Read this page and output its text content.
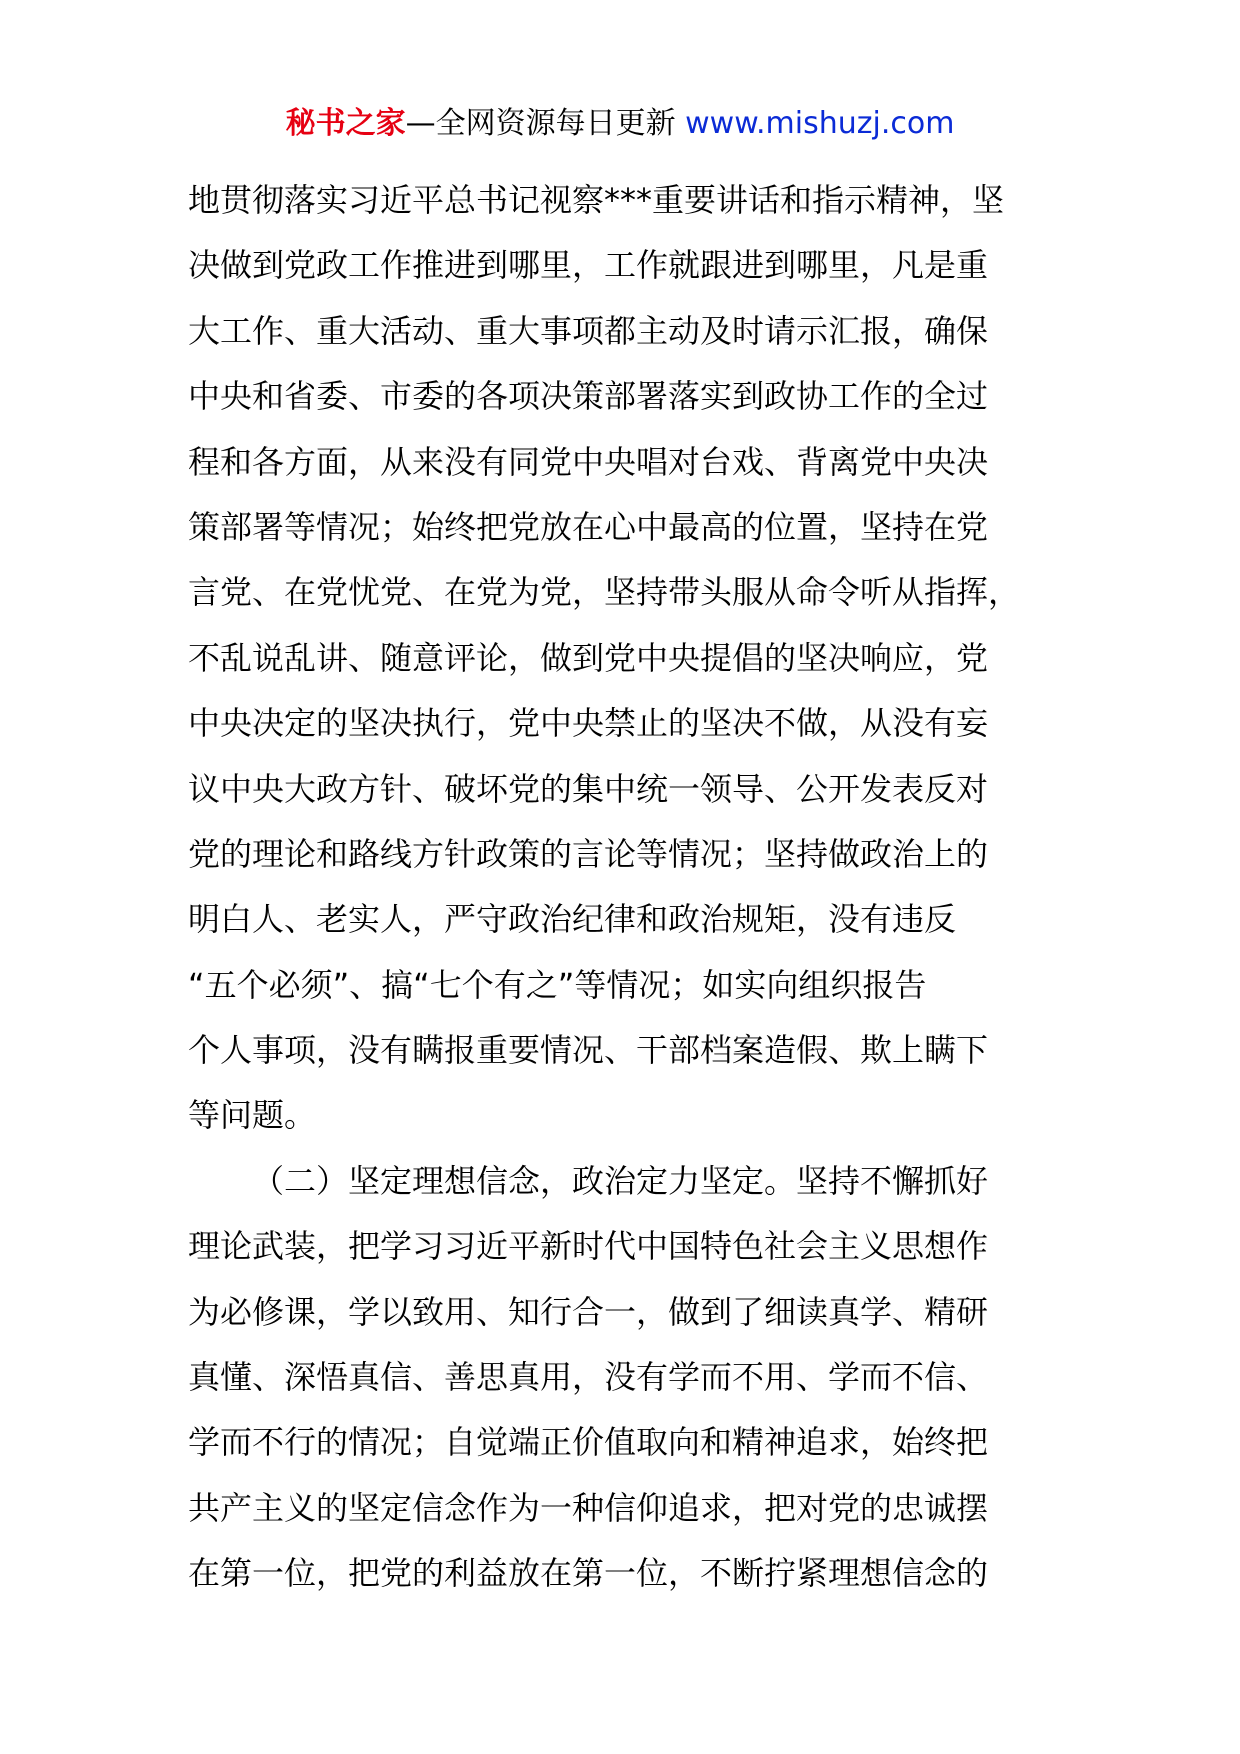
秘书之家—全网资源每日更新 www.mishuzj.com
地贯彻落实习近平总书记视察***重要讲话和指示精神，坚
决做到党政工作推进到哪里，工作就跟进到哪里，凡是重
大工作、重大活动、重大事项都主动及时请示汇报，确保
中央和省委、市委的各项决策部署落实到政协工作的全过
程和各方面，从来没有同党中央唱对台戏、背离党中央决
策部署等情况；始终把党放在心中最高的位置，坚持在党
言党、在党忧党、在党为党，坚持带头服从命令听从指挥，
不乱说乱讲、随意评论，做到党中央提倡的坚决响应，党
中央决定的坚决执行，党中央禁止的坚决不做，从没有妄
议中央大政方针、破坏党的集中统一领导、公开发表反对
党的理论和路线方针政策的言论等情况；坚持做政治上的
明白人、老实人，严守政治纪律和政治规矩，没有违反
“五个必须”、搞“七个有之”等情况；如实向组织报告
个人事项，没有瞒报重要情况、干部档案造假、欺上瞒下
等问题。
（二）坚定理想信念，政治定力坚定。坚持不懈抓好
理论武装，把学习习近平新时代中国特色社会主义思想作
为必修课，学以致用、知行合一，做到了细读真学、精研
真懂、深悟真信、善思真用，没有学而不用、学而不信、
学而不行的情况；自觉端正价值取向和精神追求，始终把
共产主义的坚定信念作为一种信仰追求，把对党的忠诚摆
在第一位，把党的利益放在第一位，不断拧紧理想信念的
